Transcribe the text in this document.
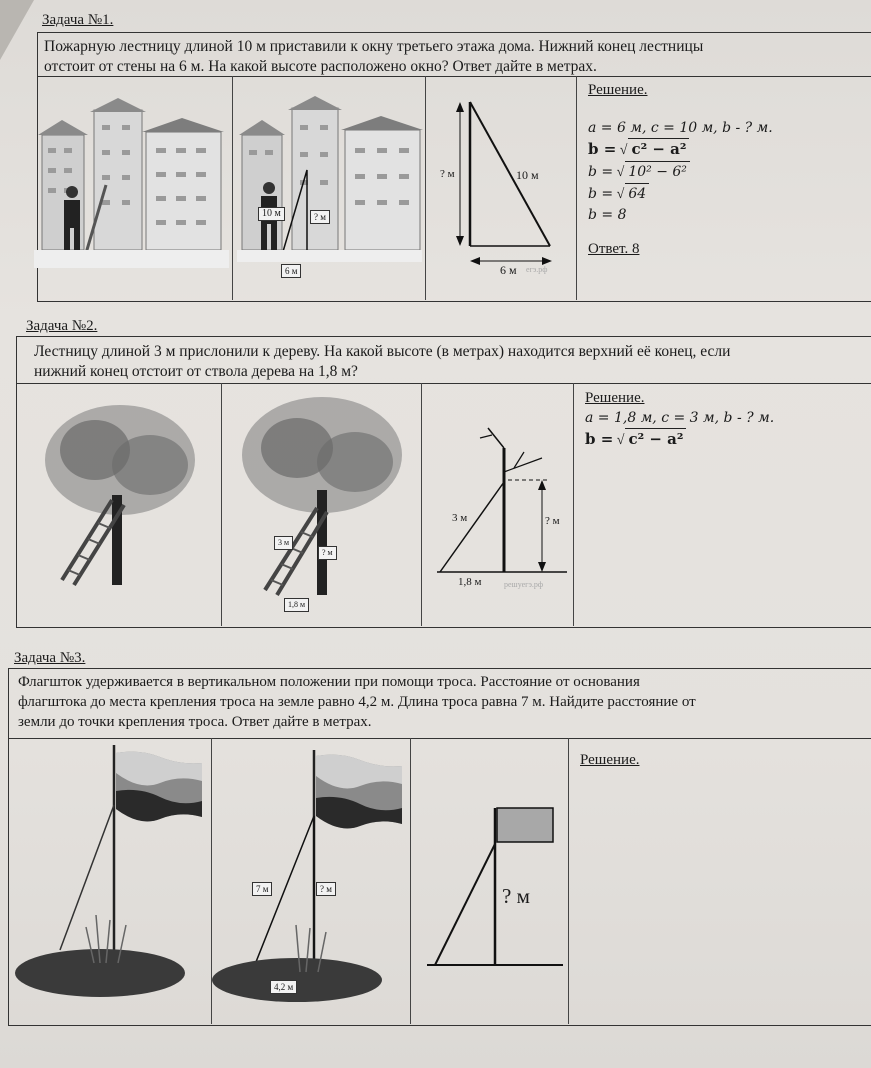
Задача №1.
Пожарную лестницу длиной 10 м приставили к окну третьего этажа дома. Нижний конец лестницы
отстоит от стены на 6 м. На какой высоте расположено окно? Ответ дайте в метрах.
10 м	? м
6 м
? м	10 м
6 м егэ.рф
Решение.
a = 6 м, c = 10 м, b - ? м.
b = √ c² − a²
b = √ 10² − 6²
b = √ 64
b = 8
Ответ. 8
Задача №2.
Лестницу длиной 3 м прислонили к дереву. На какой высоте (в метрах) находится верхний её конец, если
нижний конец отстоит от ствола дерева на 1,8 м?
3 м
? м
1,8 м
3 м	? м
1,8 м	решуегэ.рф
Решение.
a = 1,8 м, c = 3 м, b - ? м.
b = √ c² − a²
Задача №3.
Флагшток удерживается в вертикальном положении при помощи троса. Расстояние от основания
флагштока до места крепления троса на земле равно 4,2 м. Длина троса равна 7 м. Найдите расстояние от
земли до точки крепления троса. Ответ дайте в метрах.
7 м	? м
4,2 м
? м
Решение.
